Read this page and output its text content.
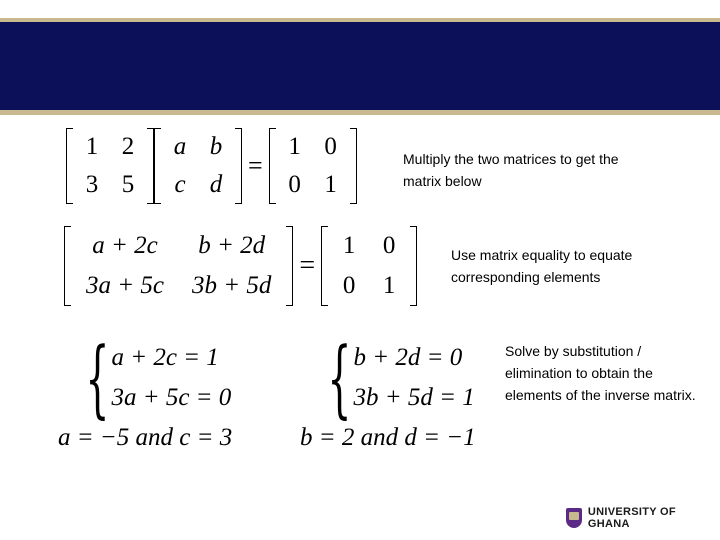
1	2
3	5
a	b
c	d
=
1	0
0	1
Multiply the two matrices to get the matrix below
a + 2c	b + 2d
3a + 5c	3b + 5d
=
1	0
0	1
Use matrix equality to equate corresponding elements
{ a + 2c = 1
3a + 5c = 0 { b + 2d = 0
3b + 5d = 1
Solve by substitution / elimination to obtain the elements of the inverse matrix.
a = −5 and c = 3	b = 2 and d = −1
UNIVERSITY OF GHANA
